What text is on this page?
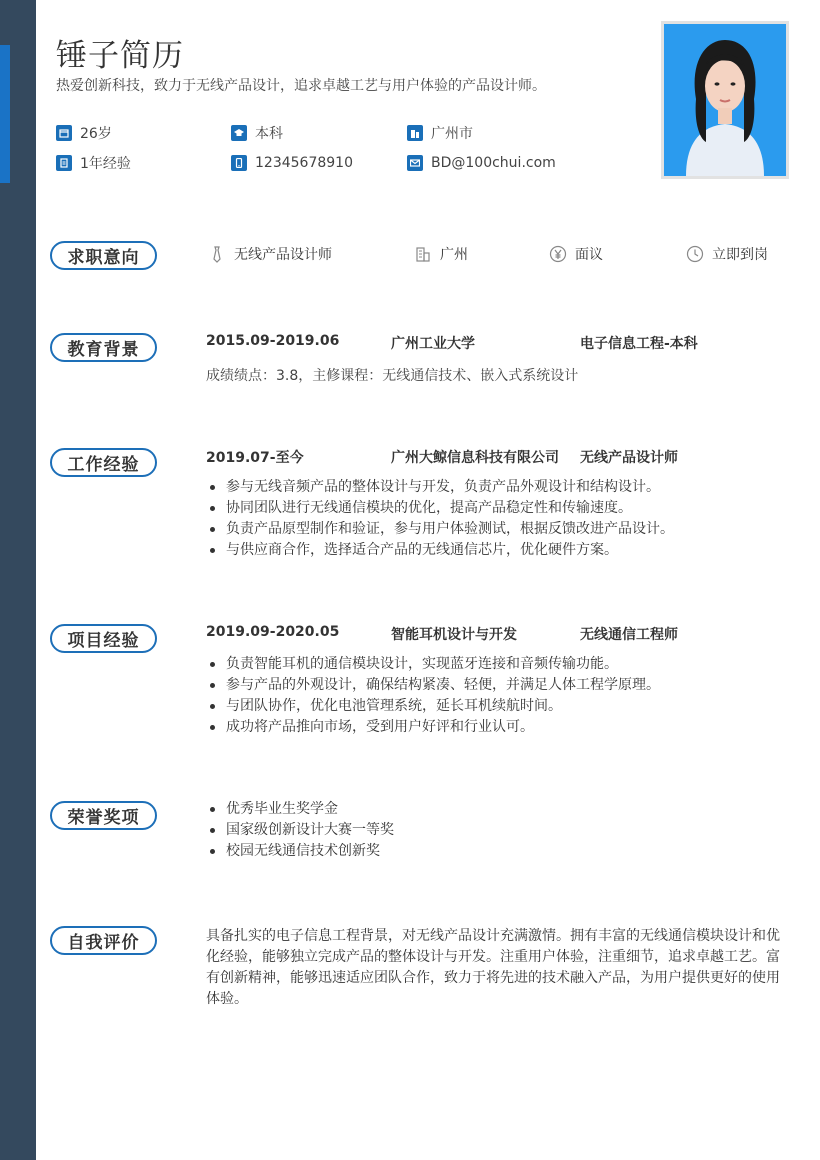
锤子简历
热爱创新科技，致力于无线产品设计，追求卓越工艺与用户体验的产品设计师。
26岁	本科	广州市
1年经验	12345678910	BD@100chui.com
求职意向	无线产品设计师	广州	面议	立即到岗
教育背景	2015.09-2019.06	广州工业大学	电子信息工程-本科
成绩绩点：3.8，主修课程：无线通信技术、嵌入式系统设计
工作经验	2019.07-至今	广州大鲸信息科技有限公司 无线产品设计师
参与无线音频产品的整体设计与开发，负责产品外观设计和结构设计。
协同团队进行无线通信模块的优化，提高产品稳定性和传输速度。
负责产品原型制作和验证，参与用户体验测试，根据反馈改进产品设计。
与供应商合作，选择适合产品的无线通信芯片，优化硬件方案。
项目经验	2019.09-2020.05	智能耳机设计与开发	无线通信工程师
负责智能耳机的通信模块设计，实现蓝牙连接和音频传输功能。
参与产品的外观设计，确保结构紧凑、轻便，并满足人体工程学原理。
与团队协作，优化电池管理系统，延长耳机续航时间。
成功将产品推向市场，受到用户好评和行业认可。
荣誉奖项	优秀毕业生奖学金
国家级创新设计大赛一等奖
校园无线通信技术创新奖
自我评价	具备扎实的电子信息工程背景，对无线产品设计充满激情。拥有丰富的无线通信模块设计和优
化经验，能够独立完成产品的整体设计与开发。注重用户体验，注重细节，追求卓越工艺。富
有创新精神，能够迅速适应团队合作，致力于将先进的技术融入产品，为用户提供更好的使用
体验。
